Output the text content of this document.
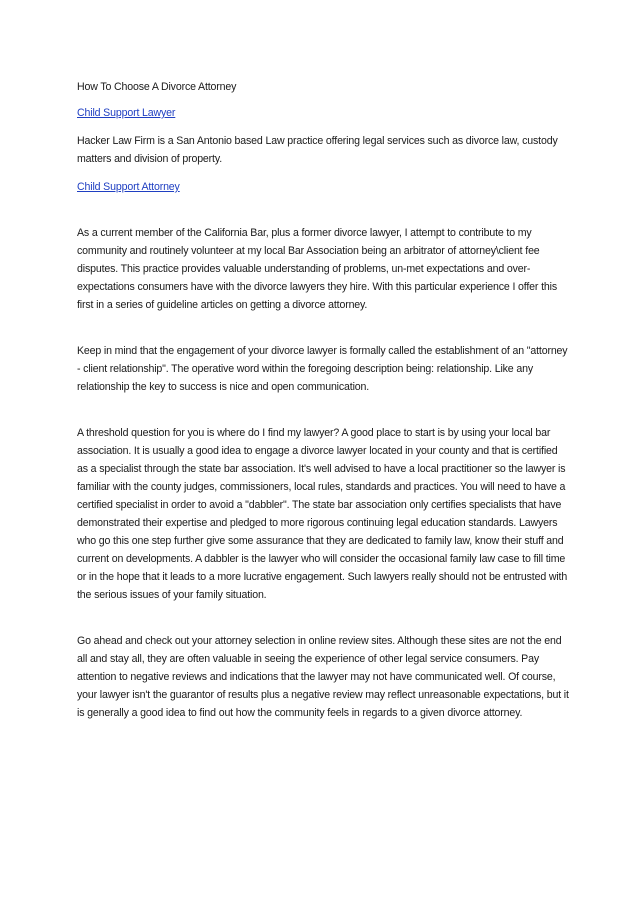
How To Choose A Divorce Attorney

Child Support Lawyer

Hacker Law Firm is a San Antonio based Law practice offering legal services such as divorce law, custody matters and division of property.

Child Support Attorney

As a current member of the California Bar, plus a former divorce lawyer, I attempt to contribute to my community and routinely volunteer at my local Bar Association being an arbitrator of attorney\client fee disputes. This practice provides valuable understanding of problems, un-met expectations and over-expectations consumers have with the divorce lawyers they hire. With this particular experience I offer this first in a series of guideline articles on getting a divorce attorney.

Keep in mind that the engagement of your divorce lawyer is formally called the establishment of an "attorney - client relationship". The operative word within the foregoing description being: relationship. Like any relationship the key to success is nice and open communication.

A threshold question for you is where do I find my lawyer? A good place to start is by using your local bar association. It is usually a good idea to engage a divorce lawyer located in your county and that is certified as a specialist through the state bar association. It's well advised to have a local practitioner so the lawyer is familiar with the county judges, commissioners, local rules, standards and practices. You will need to have a certified specialist in order to avoid a "dabbler". The state bar association only certifies specialists that have demonstrated their expertise and pledged to more rigorous continuing legal education standards. Lawyers who go this one step further give some assurance that they are dedicated to family law, know their stuff and current on developments. A dabbler is the lawyer who will consider the occasional family law case to fill time or in the hope that it leads to a more lucrative engagement. Such lawyers really should not be entrusted with the serious issues of your family situation.

Go ahead and check out your attorney selection in online review sites. Although these sites are not the end all and stay all, they are often valuable in seeing the experience of other legal service consumers. Pay attention to negative reviews and indications that the lawyer may not have communicated well. Of course, your lawyer isn't the guarantor of results plus a negative review may reflect unreasonable expectations, but it is generally a good idea to find out how the community feels in regards to a given divorce attorney.
